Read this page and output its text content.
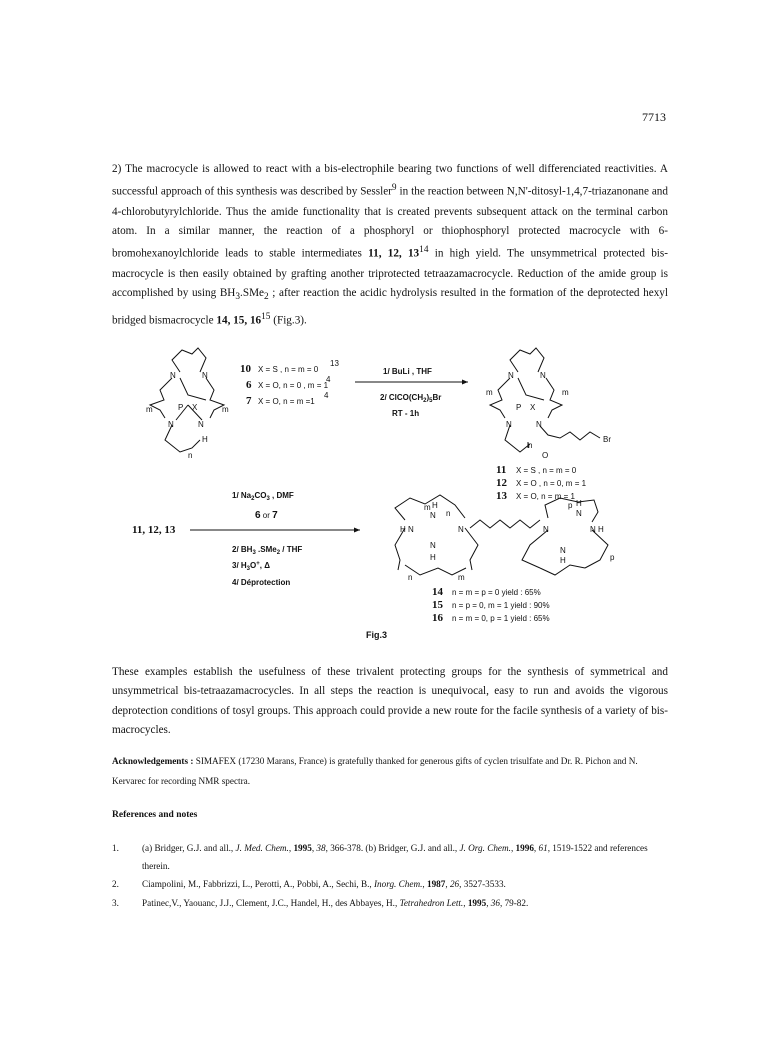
7713
2) The macrocycle is allowed to react with a bis-electrophile bearing two functions of well differenciated reactivities. A successful approach of this synthesis was described by Sessler$^9$ in the reaction between N,N'-ditosyl-1,4,7-triazanonane and 4-chlorobutyrylchloride. Thus the amide functionality that is created prevents subsequent attack on the terminal carbon atom. In a similar manner, the reaction of a phosphoryl or thiophosphoryl protected macrocycle with 6-bromohexanoylchloride leads to stable intermediates 11, 12, $13^{14}$ in high yield. The unsymmetrical protected bis-macrocycle is then easily obtained by grafting another triprotected tetraazamacrocycle. Reduction of the amide group is accomplished by using $BH_3.SMe_2$ ; after reaction the acidic hydrolysis resulted in the formation of the deprotected hexyl bridged bismacrocycle 14, 15, $16^{15}$ (Fig.3).
N	N
N	N
P X
H
m	m
n
10 X = S , n = m = 0
13
6 X = O, n = 0 , m = 1
4
7 X = O, n = m =1
4
1/ BuLi , THF
2/ $ClCO(CH_2)_5Br$
RT - 1h
N	N
N	N
P X
Br
O
m	m
n
11 X = S , n = m = 0
12 X = O , n = 0, m = 1
13 X = O, n = m = 1
11, 12, 13
1/ $Na_2CO_3$ , DMF
6 or 7
2/ $BH_3$ .SMe$_2$ / THF
3/ $H_3O^+$, Δ
4/ Déprotection
m H
N n
H N	N
N
H
n	m
p H
N
N	N H
N
H	p
14 n = m = p = 0 yield : 65%
15 n = p = 0, m = 1 yield : 90%
16 n = m = 0, p = 1 yield : 65%
Fig.3
These examples establish the usefulness of these trivalent protecting groups for the synthesis of symmetrical and unsymmetrical bis-tetraazamacrocycles. In all steps the reaction is unequivocal, easy to run and avoids the vigorous deprotection conditions of tosyl groups. This approach could provide a new route for the facile synthesis of a variety of bis-macrocycles.
Acknowledgements : SIMAFEX (17230 Marans, France) is gratefully thanked for generous gifts of cyclen trisulfate and Dr. R. Pichon and N. Kervarec for recording NMR spectra.
References and notes
1.	(a) Bridger, G.J. and all., J. Med. Chem., 1995, 38, 366-378. (b) Bridger, G.J. and all., J. Org. Chem., 1996, 61, 1519-1522 and references therein.
2.	Ciampolini, M., Fabbrizzi, L., Perotti, A., Pobbi, A., Sechi, B., Inorg. Chem., 1987, 26, 3527-3533.
3.	Patinec,V., Yaouanc, J.J., Clement, J.C., Handel, H., des Abbayes, H., Tetrahedron Lett., 1995, 36, 79-82.
